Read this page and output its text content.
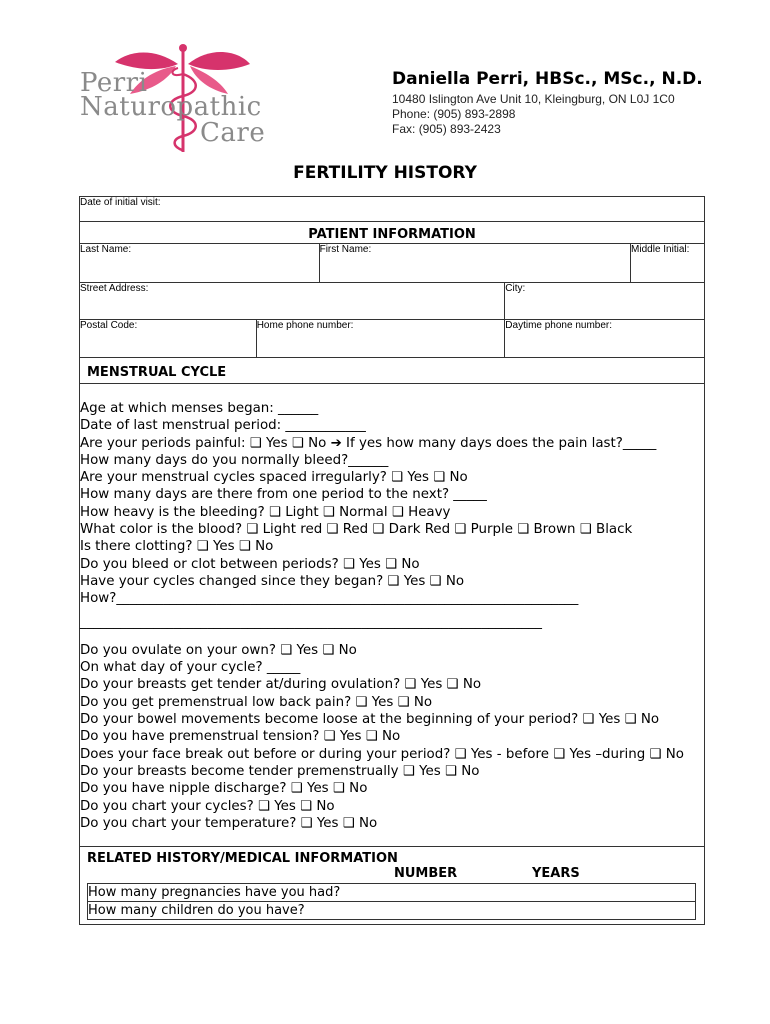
Perri
Naturopathic
Care
Daniella Perri, HBSc., MSc., N.D.
10480 Islington Ave Unit 10, Kleingburg, ON L0J 1C0
Phone: (905) 893-2898
Fax: (905) 893-2423
FERTILITY HISTORY
Date of initial visit:
PATIENT INFORMATION
Last Name:	First Name:	Middle Initial:
Street Address:	City:
Postal Code:	Home phone number:	Daytime phone number:
MENSTRUAL CYCLE

Age at which menses began: ______
Date of last menstrual period: ____________
Are your periods painful: ❑ Yes ❑ No ➔ If yes how many days does the pain last?_____
How many days do you normally bleed?______
Are your menstrual cycles spaced irregularly? ❑ Yes ❑ No
How many days are there from one period to the next? _____
How heavy is the bleeding? ❑ Light ❑ Normal ❑ Heavy
What color is the blood? ❑ Light red ❑ Red ❑ Dark Red ❑ Purple ❑ Brown ❑ Black
Is there clotting? ❑ Yes ❑ No
Do you bleed or clot between periods? ❑ Yes ❑ No
Have your cycles changed since they began? ❑ Yes ❑ No
How?_____________________________________________________________________
_____________________________________________________________________
Do you ovulate on your own? ❑ Yes ❑ No
On what day of your cycle? _____
Do your breasts get tender at/during ovulation? ❑ Yes ❑ No
Do you get premenstrual low back pain? ❑ Yes ❑ No
Do your bowel movements become loose at the beginning of your period? ❑ Yes ❑ No
Do you have premenstrual tension? ❑ Yes ❑ No
Does your face break out before or during your period? ❑ Yes - before ❑ Yes –during ❑ No
Do your breasts become tender premenstrually ❑ Yes ❑ No
Do you have nipple discharge? ❑ Yes ❑ No
Do you chart your cycles? ❑ Yes ❑ No
Do you chart your temperature? ❑ Yes ❑ No

RELATED HISTORY/MEDICAL INFORMATION
NUMBER	YEARS
How many pregnancies have you had?
How many children do you have?
